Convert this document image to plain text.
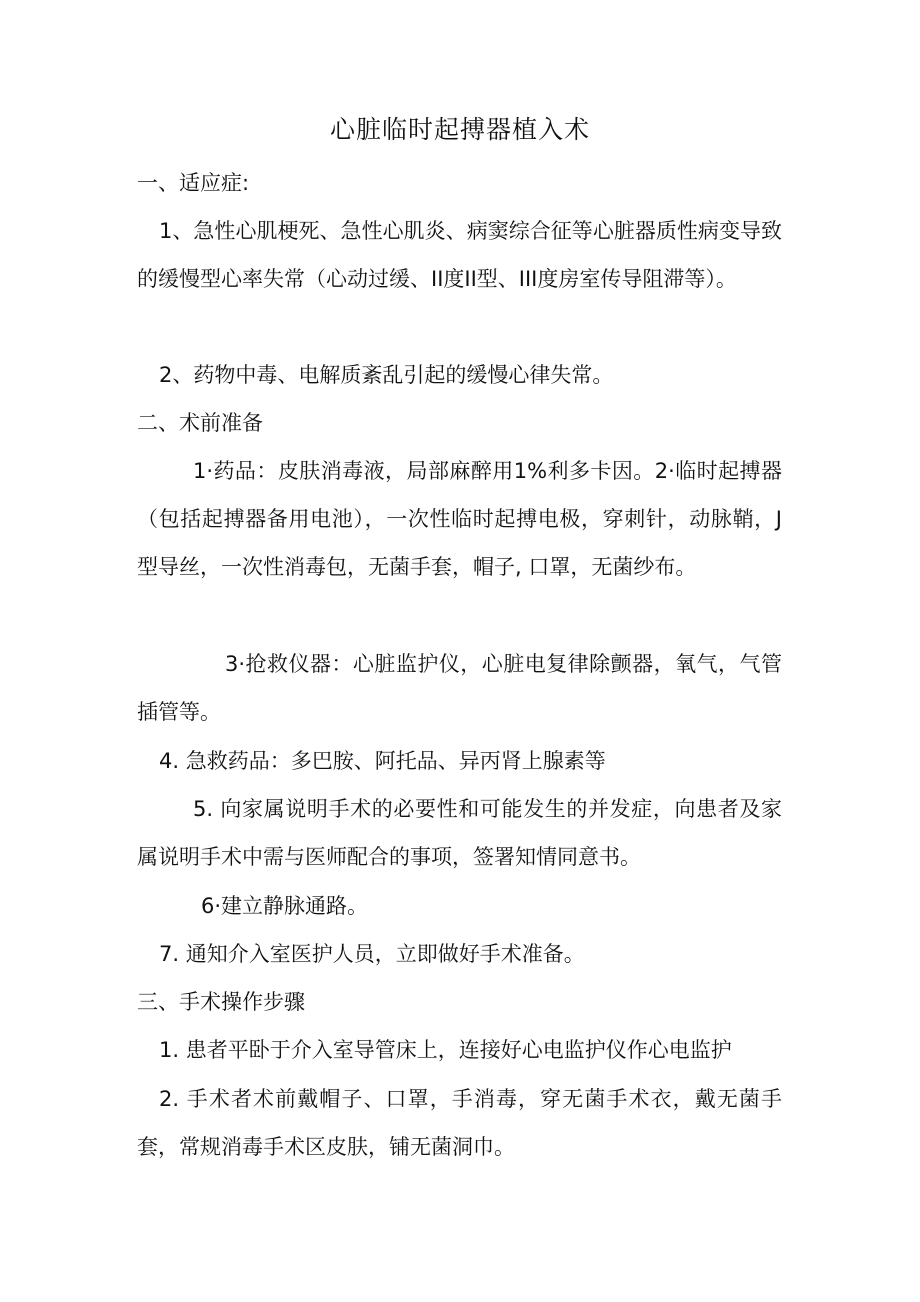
心脏临时起搏器植入术
一、适应症:
1、急性心肌梗死、急性心肌炎、病窦综合征等心脏器质性病变导致的缓慢型心率失常（心动过缓、II度II型、III度房室传导阻滞等）。
2、药物中毒、电解质紊乱引起的缓慢心律失常。
二、术前准备
1·药品：皮肤消毒液，局部麻醉用1%利多卡因。2·临时起搏器（包括起搏器备用电池），一次性临时起搏电极，穿刺针，动脉鞘，J型导丝，一次性消毒包，无菌手套，帽子, 口罩，无菌纱布。
3·抢救仪器：心脏监护仪，心脏电复律除颤器，氧气，气管插管等。
4. 急救药品：多巴胺、阿托品、异丙肾上腺素等
5. 向家属说明手术的必要性和可能发生的并发症，向患者及家属说明手术中需与医师配合的事项，签署知情同意书。
6·建立静脉通路。
7. 通知介入室医护人员，立即做好手术准备。
三、手术操作步骤
1. 患者平卧于介入室导管床上，连接好心电监护仪作心电监护
2. 手术者术前戴帽子、口罩，手消毒，穿无菌手术衣，戴无菌手套，常规消毒手术区皮肤，铺无菌洞巾。
